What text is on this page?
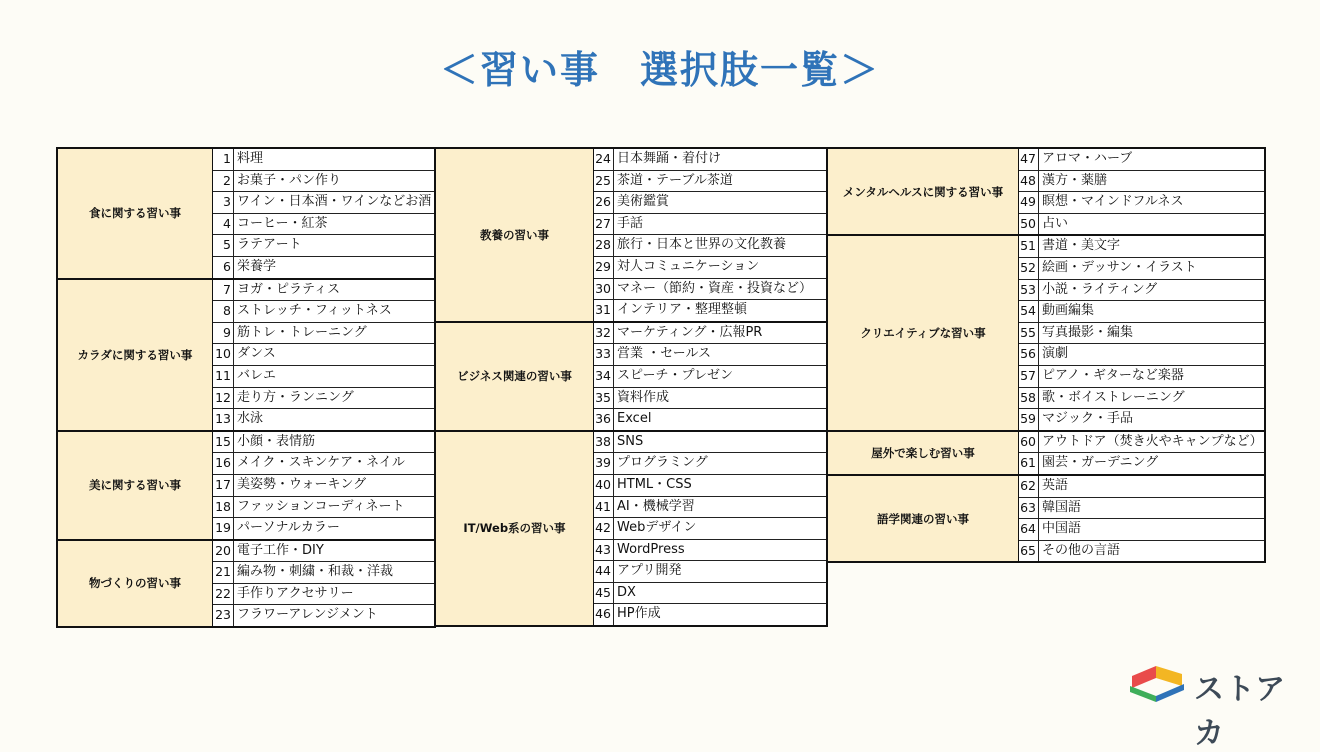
＜習い事　選択肢一覧＞
食に関する習い事
1 料理
2 お菓子・パン作り
3 ワイン・日本酒・ワインなどお酒
4 コーヒー・紅茶
5 ラテアート
6 栄養学
カラダに関する習い事
7 ヨガ・ピラティス
8 ストレッチ・フィットネス
9 筋トレ・トレーニング
10 ダンス
11 バレエ
12 走り方・ランニング
13 水泳
美に関する習い事
15 小顔・表情筋
16 メイク・スキンケア・ネイル
17 美姿勢・ウォーキング
18 ファッションコーディネート
19 パーソナルカラー
物づくりの習い事
20 電子工作・DIY
21 編み物・刺繍・和裁・洋裁
22 手作りアクセサリー
23 フラワーアレンジメント
教養の習い事
24 日本舞踊・着付け
25 茶道・テーブル茶道
26 美術鑑賞
27 手話
28 旅行・日本と世界の文化教養
29 対人コミュニケーション
30 マネー（節約・資産・投資など）
31 インテリア・整理整頓
ビジネス関連の習い事
32 マーケティング・広報PR
33 営業 ・セールス
34 スピーチ・プレゼン
35 資料作成
36 Excel
IT/Web系の習い事
38 SNS
39 プログラミング
40 HTML・CSS
41 AI・機械学習
42 Webデザイン
43 WordPress
44 アプリ開発
45 DX
46 HP作成
メンタルヘルスに関する習い事
47 アロマ・ハーブ
48 漢方・薬膳
49 瞑想・マインドフルネス
50 占い
クリエイティブな習い事
51 書道・美文字
52 絵画・デッサン・イラスト
53 小説・ライティング
54 動画編集
55 写真撮影・編集
56 演劇
57 ピアノ・ギターなど楽器
58 歌・ボイストレーニング
59 マジック・手品
屋外で楽しむ習い事
60 アウトドア（焚き火やキャンプなど）
61 園芸・ガーデニング
語学関連の習い事
62 英語
63 韓国語
64 中国語
65 その他の言語
ストアカ
